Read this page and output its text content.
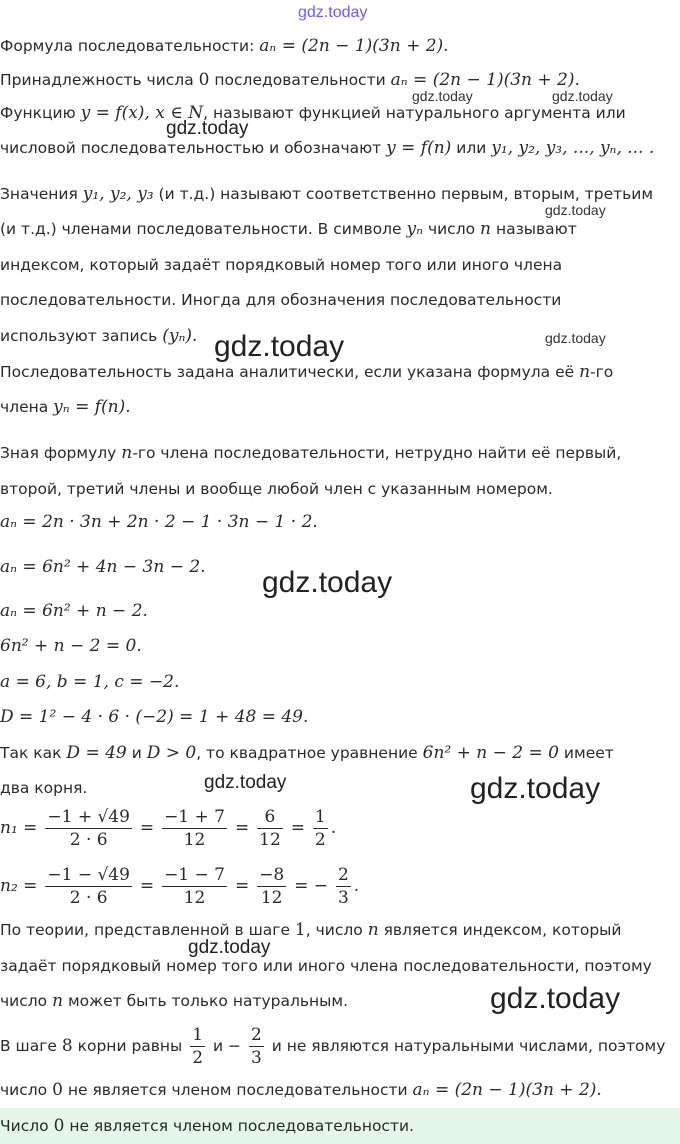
gdz.today
gdz.today	gdz.today
gdz.today
gdz.today
gdz.today
gdz.today
gdz.today
gdz.today	gdz.today
gdz.today
gdz.today
Формула последовательности: aₙ = (2n − 1)(3n + 2).
Принадлежность числа 0 последовательности aₙ = (2n − 1)(3n + 2).
Функцию y = f(x), x ∈ N, называют функцией натурального аргумента или
числовой последовательностью и обозначают y = f(n) или y₁, y₂, y₃, ..., yₙ, ... .
Значения y₁, y₂, y₃ (и т.д.) называют соответственно первым, вторым, третьим
(и т.д.) членами последовательности. В символе yₙ число n называют
индексом, который задаёт порядковый номер того или иного члена
последовательности. Иногда для обозначения последовательности
используют запись (yₙ).
Последовательность задана аналитически, если указана формула её n-го
члена yₙ = f(n).
Зная формулу n-го члена последовательности, нетрудно найти её первый,
второй, третий члены и вообще любой член с указанным номером.
aₙ = 2n · 3n + 2n · 2 − 1 · 3n − 1 · 2.
aₙ = 6n² + 4n − 3n − 2.
aₙ = 6n² + n − 2.
6n² + n − 2 = 0.
a = 6, b = 1, c = −2.
D = 1² − 4 · 6 · (−2) = 1 + 48 = 49.
Так как D = 49 и D > 0, то квадратное уравнение 6n² + n − 2 = 0 имеет
два корня.
$n_1 = \frac{-1 + √49}{2 \cdot 6} = \frac{-1 + 7}{12} = \frac{6}{12} = \frac{1}{2}$ .
$n_2 = \frac{-1 - √49}{2 \cdot 6} = \frac{-1 - 7}{12} = \frac{-8}{12}$ = − $\frac{2}{3}$ .
По теории, представленной в шаге 1, число n является индексом, который
задаёт порядковый номер того или иного члена последовательности, поэтому
число n может быть только натуральным.
В шаге 8 корни равны $\frac{1}{2}$ $и - \frac{2}{3}$ и не являются натуральными числами, поэтому
число 0 не является членом последовательности aₙ = (2n − 1)(3n + 2).
Число 0 не является членом последовательности.
